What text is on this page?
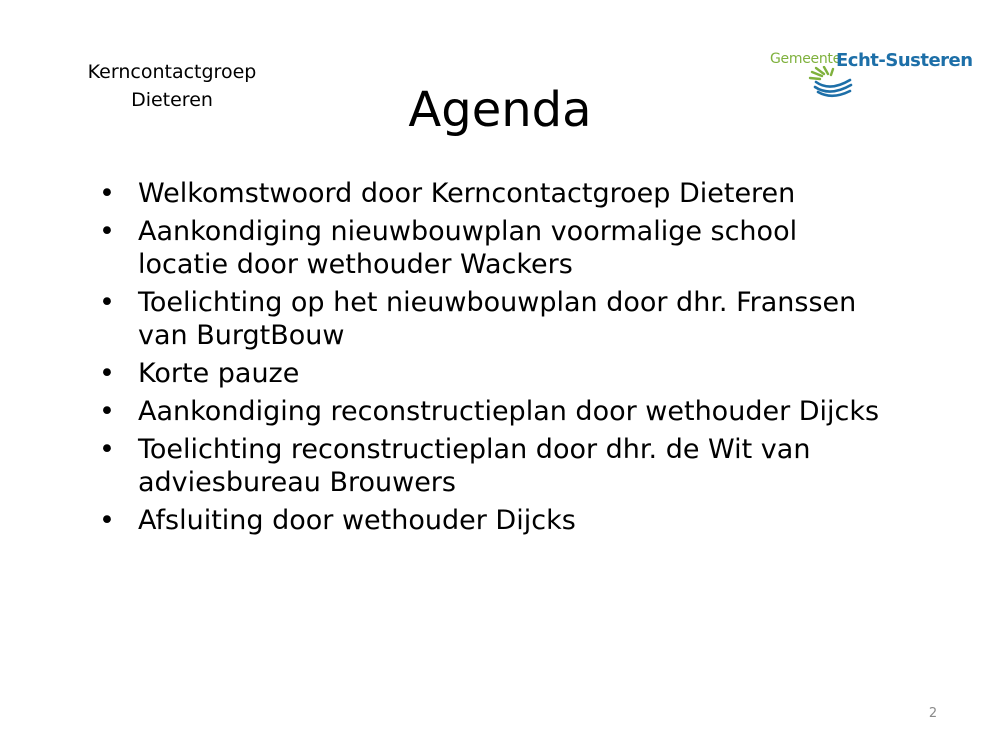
Kerncontactgroep
Dieteren
Gemeente
Echt-Susteren
Agenda
• Welkomstwoord door Kerncontactgroep Dieteren
• Aankondiging nieuwbouwplan voormalige school locatie door wethouder Wackers
• Toelichting op het nieuwbouwplan door dhr. Franssen van BurgtBouw
• Korte pauze
• Aankondiging reconstructieplan door wethouder Dijcks
• Toelichting reconstructieplan door dhr. de Wit van adviesbureau Brouwers
• Afsluiting door wethouder Dijcks
2
